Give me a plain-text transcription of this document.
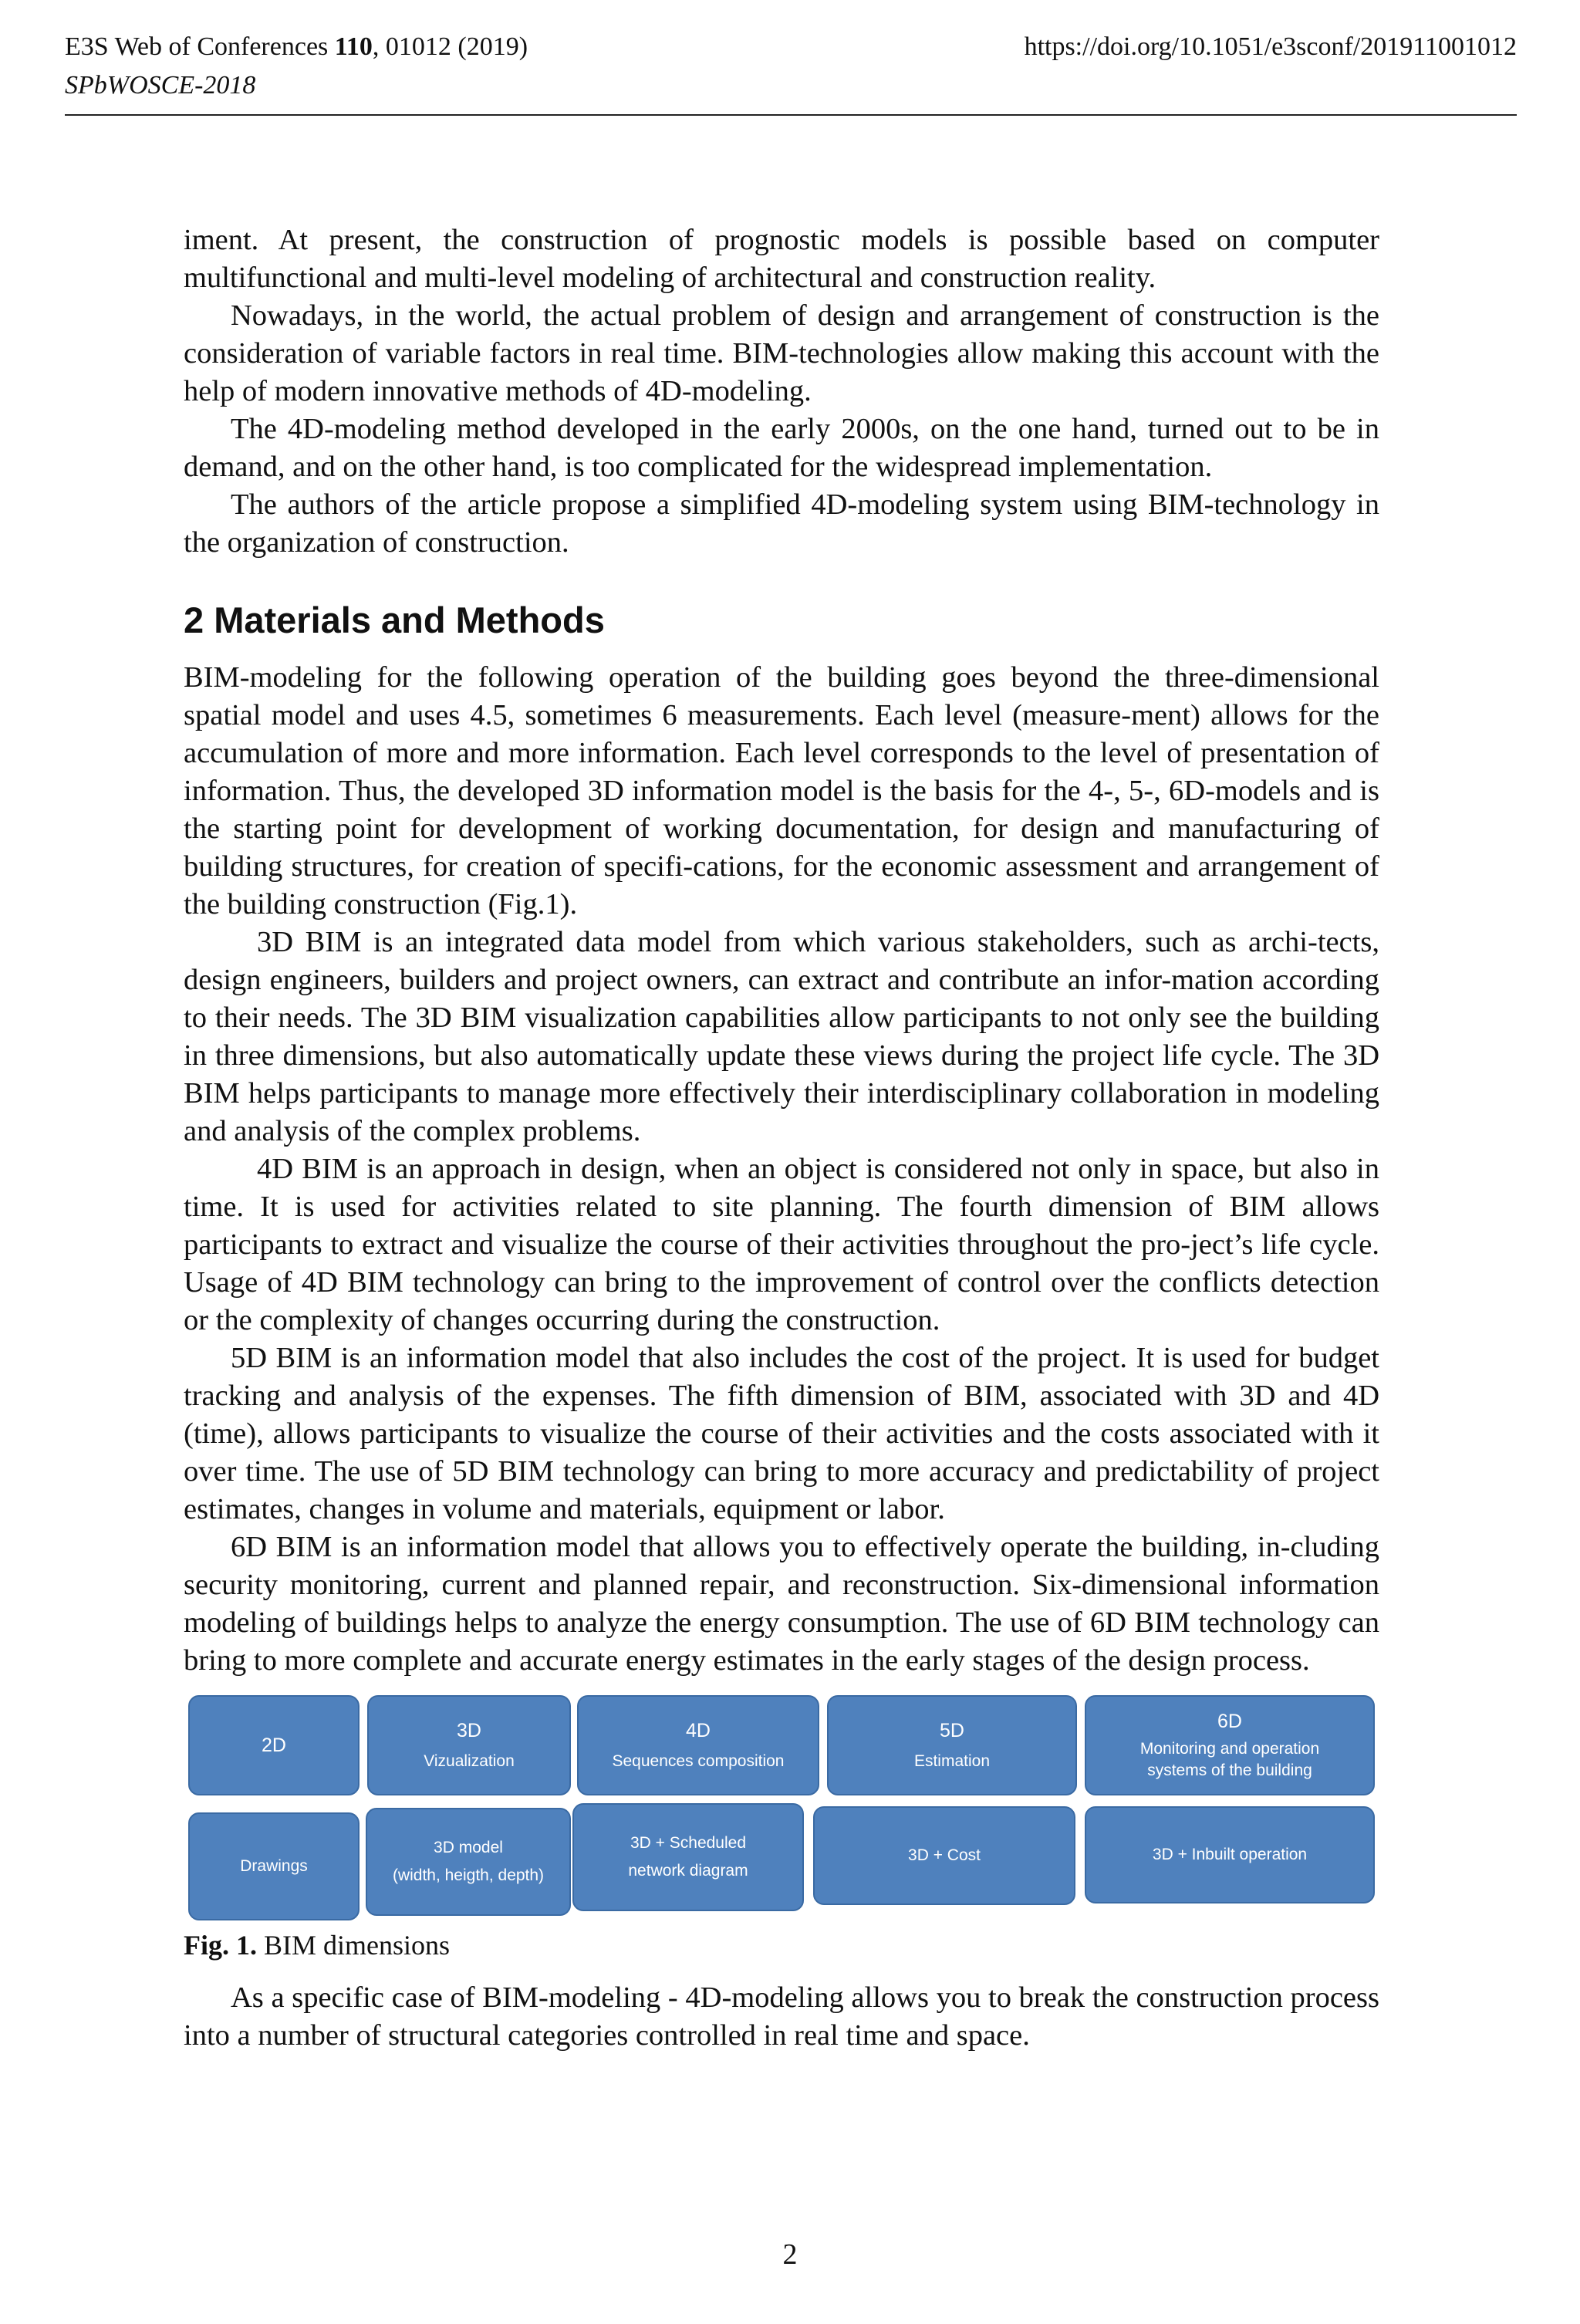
E3S Web of Conferences 110, 01012 (2019)
SPbWOSCE-2018
https://doi.org/10.1051/e3sconf/201911001012

iment. At present, the construction of prognostic models is possible based on computer multifunctional and multi-level modeling of architectural and construction reality.

Nowadays, in the world, the actual problem of design and arrangement of construction is the consideration of variable factors in real time. BIM-technologies allow making this account with the help of modern innovative methods of 4D-modeling.

The 4D-modeling method developed in the early 2000s, on the one hand, turned out to be in demand, and on the other hand, is too complicated for the widespread implementation.

The authors of the article propose a simplified 4D-modeling system using BIM-technology in the organization of construction.

2 Materials and Methods

BIM-modeling for the following operation of the building goes beyond the three-dimensional spatial model and uses 4.5, sometimes 6 measurements. Each level (measure-ment) allows for the accumulation of more and more information. Each level corresponds to the level of presentation of information. Thus, the developed 3D information model is the basis for the 4-, 5-, 6D-models and is the starting point for development of working documentation, for design and manufacturing of building structures, for creation of specifi-cations, for the economic assessment and arrangement of the building construction (Fig.1).

3D BIM is an integrated data model from which various stakeholders, such as archi-tects, design engineers, builders and project owners, can extract and contribute an infor-mation according to their needs. The 3D BIM visualization capabilities allow participants to not only see the building in three dimensions, but also automatically update these views during the project life cycle. The 3D BIM helps participants to manage more effectively their interdisciplinary collaboration in modeling and analysis of the complex problems.

4D BIM is an approach in design, when an object is considered not only in space, but also in time. It is used for activities related to site planning. The fourth dimension of BIM allows participants to extract and visualize the course of their activities throughout the pro-ject’s life cycle. Usage of 4D BIM technology can bring to the improvement of control over the conflicts detection or the complexity of changes occurring during the construction.

5D BIM is an information model that also includes the cost of the project. It is used for budget tracking and analysis of the expenses. The fifth dimension of BIM, associated with 3D and 4D (time), allows participants to visualize the course of their activities and the costs associated with it over time. The use of 5D BIM technology can bring to more accuracy and predictability of project estimates, changes in volume and materials, equipment or labor.

6D BIM is an information model that allows you to effectively operate the building, in-cluding security monitoring, current and planned repair, and reconstruction. Six-dimensional information modeling of buildings helps to analyze the energy consumption. The use of 6D BIM technology can bring to more complete and accurate energy estimates in the early stages of the design process.

2D
3D
Vizualization
4D
Sequences composition
5D
Estimation
6D
Monitoring and operation systems of the building
Drawings
3D model
(width, heigth, depth)
3D + Scheduled
network diagram
3D + Cost	3D + Inbuilt operation

Fig. 1. BIM dimensions

As a specific case of BIM-modeling - 4D-modeling allows you to break the construction process into a number of structural categories controlled in real time and space.

2
